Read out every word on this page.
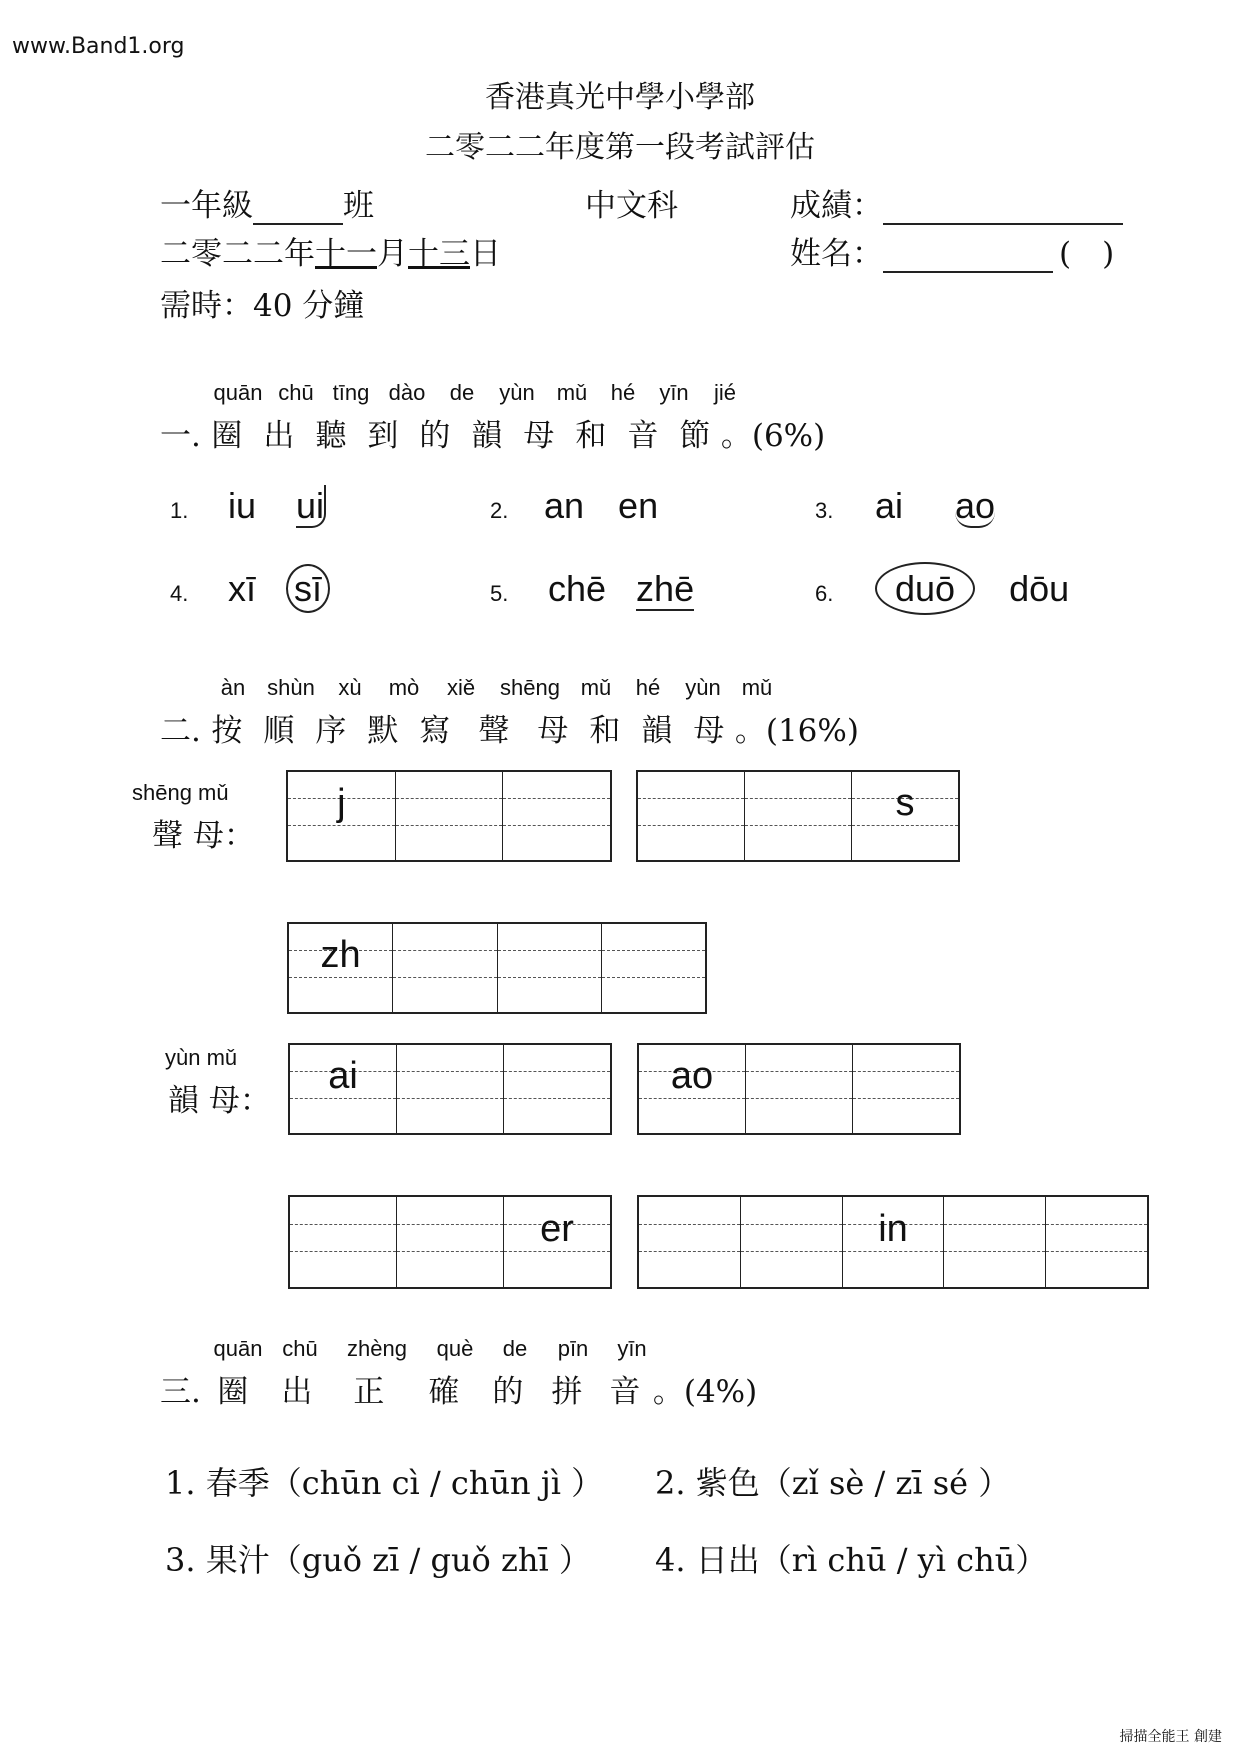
www.Band1.org
香港真光中學小學部
二零二二年度第一段考試評估
一年級	班	中文科	成績：
二零二二年十一月十三日	姓名：	(　)
需時：40 分鐘
quān chū tīng dào	de	yùn mǔ	hé	yīn	jié
一. 圈 出 聽 到 的 韻 母 和 音 節 。(6%)
1. iu ui	2. an en	3. ai ao
4. xī sī	5. chē zhē	6. duō dōu
àn shùn	xù	mò	xiě	shēng mǔ	hé	yùn mǔ
二. 按 順 序 默 寫 聲 母 和 韻 母 。(16%)
shēng mǔ
聲 母：
j	s
zh
yùn mǔ
韻 母：
ai	ao
er	in
quān chū	zhèng	què	de	pīn	yīn
三. 圈 出 正 確 的 拼 音 。(4%)
1. 春季（chūn cì / chūn jì ） 2. 紫色（zǐ sè / zī sé ）
3. 果汁（guǒ zī / guǒ zhī ） 4. 日出（rì chū / yì chū）
掃描全能王 創建
